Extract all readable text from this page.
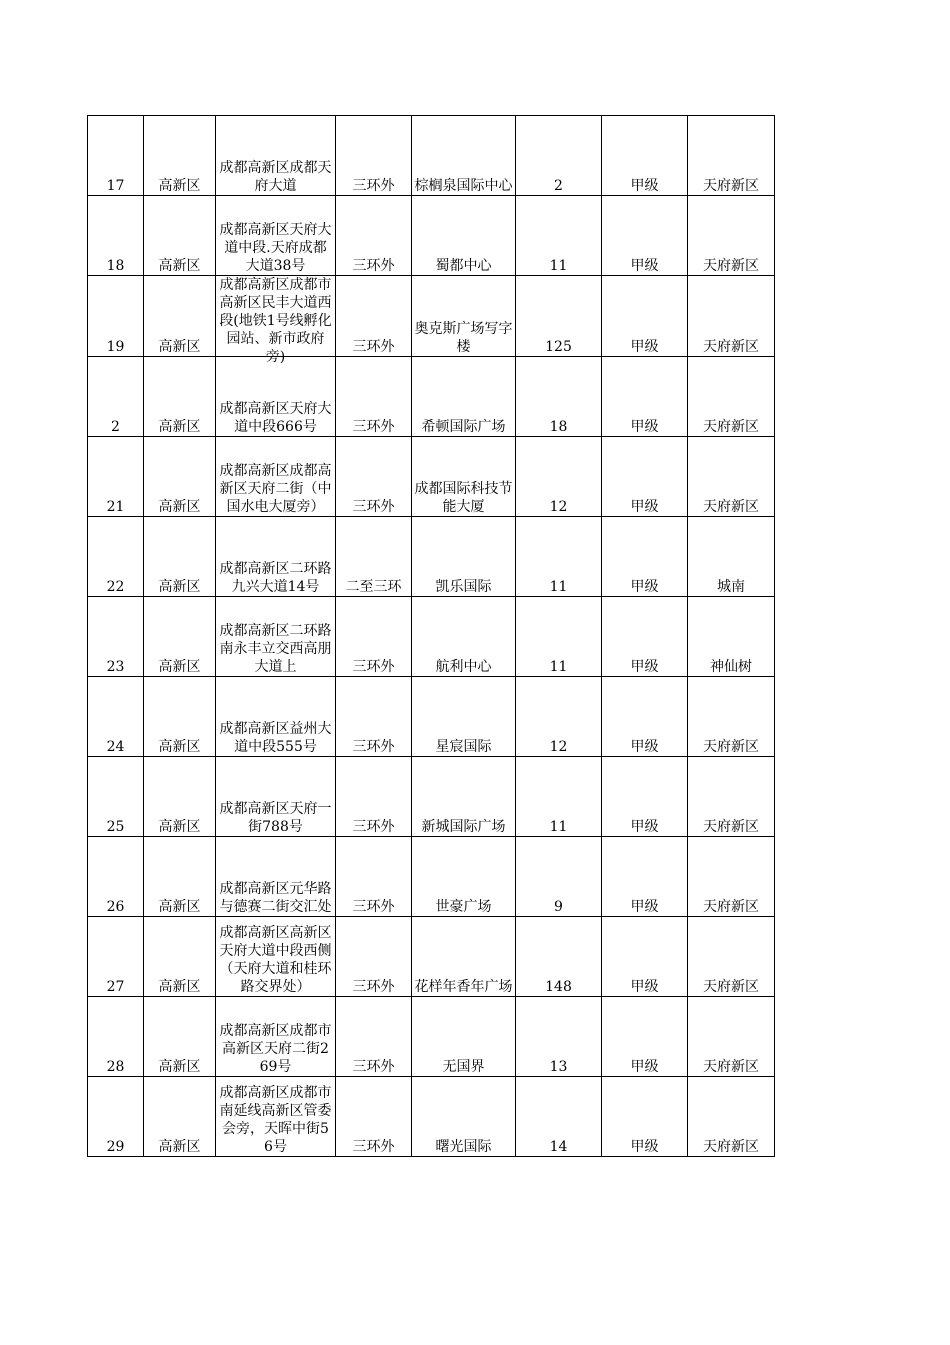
17	高新区	成都高新区成都天府大道	三环外	棕榈泉国际中心	2	甲级	天府新区

18	高新区	成都高新区天府大道中段.天府成都大道38号	三环外	蜀都中心	11	甲级	天府新区

19	高新区	成都高新区成都市高新区民丰大道西段(地铁1号线孵化园站、新市政府旁)	三环外	奥克斯广场写字楼	125	甲级	天府新区

2	高新区	成都高新区天府大道中段666号	三环外	希顿国际广场	18	甲级	天府新区

21	高新区	成都高新区成都高新区天府二街（中国水电大厦旁）	三环外	成都国际科技节能大厦	12	甲级	天府新区

22	高新区	成都高新区二环路九兴大道14号	二至三环	凯乐国际	11	甲级	城南

23	高新区	成都高新区二环路南永丰立交西高朋大道上	三环外	航利中心	11	甲级	神仙树

24	高新区	成都高新区益州大道中段555号	三环外	星宸国际	12	甲级	天府新区

25	高新区	成都高新区天府一街788号	三环外	新城国际广场	11	甲级	天府新区

26	高新区	成都高新区元华路与德赛二街交汇处	三环外	世豪广场	9	甲级	天府新区

27	高新区	成都高新区高新区天府大道中段西侧（天府大道和桂环路交界处）	三环外	花样年香年广场	148	甲级	天府新区

28	高新区	成都高新区成都市高新区天府二街269号	三环外	无国界	13	甲级	天府新区

29	高新区	成都高新区成都市南延线高新区管委会旁，天晖中街56号	三环外	曙光国际	14	甲级	天府新区
